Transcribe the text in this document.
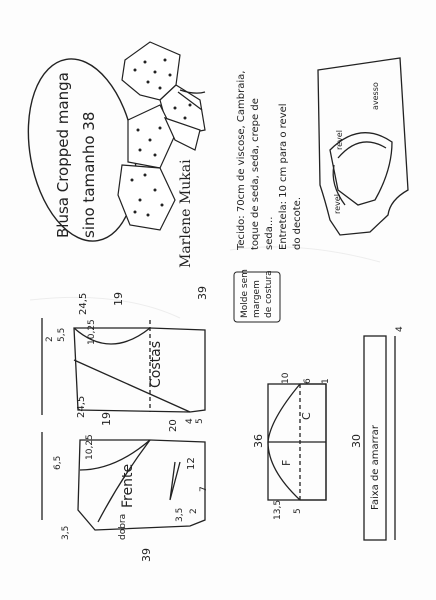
Blusa Cropped manga sino tamanho 38	Marlene Mukai	Tecido: 70cm de viscose, Cambraia, toque de seda, seda, crepe de seda... Entretela: 10 cm para o revel do decote.
revel
revel
avesso
Molde sem margem de costura
Costas
24,5
10,25
5,5
2
19	39
4 5
Frente
dobra
24,5
10,25
19	20
12
6,5
3,5
3,5 2
7
39
36
10 6 1
5
13,5
C
F	Faixa de amarrar
30
4
